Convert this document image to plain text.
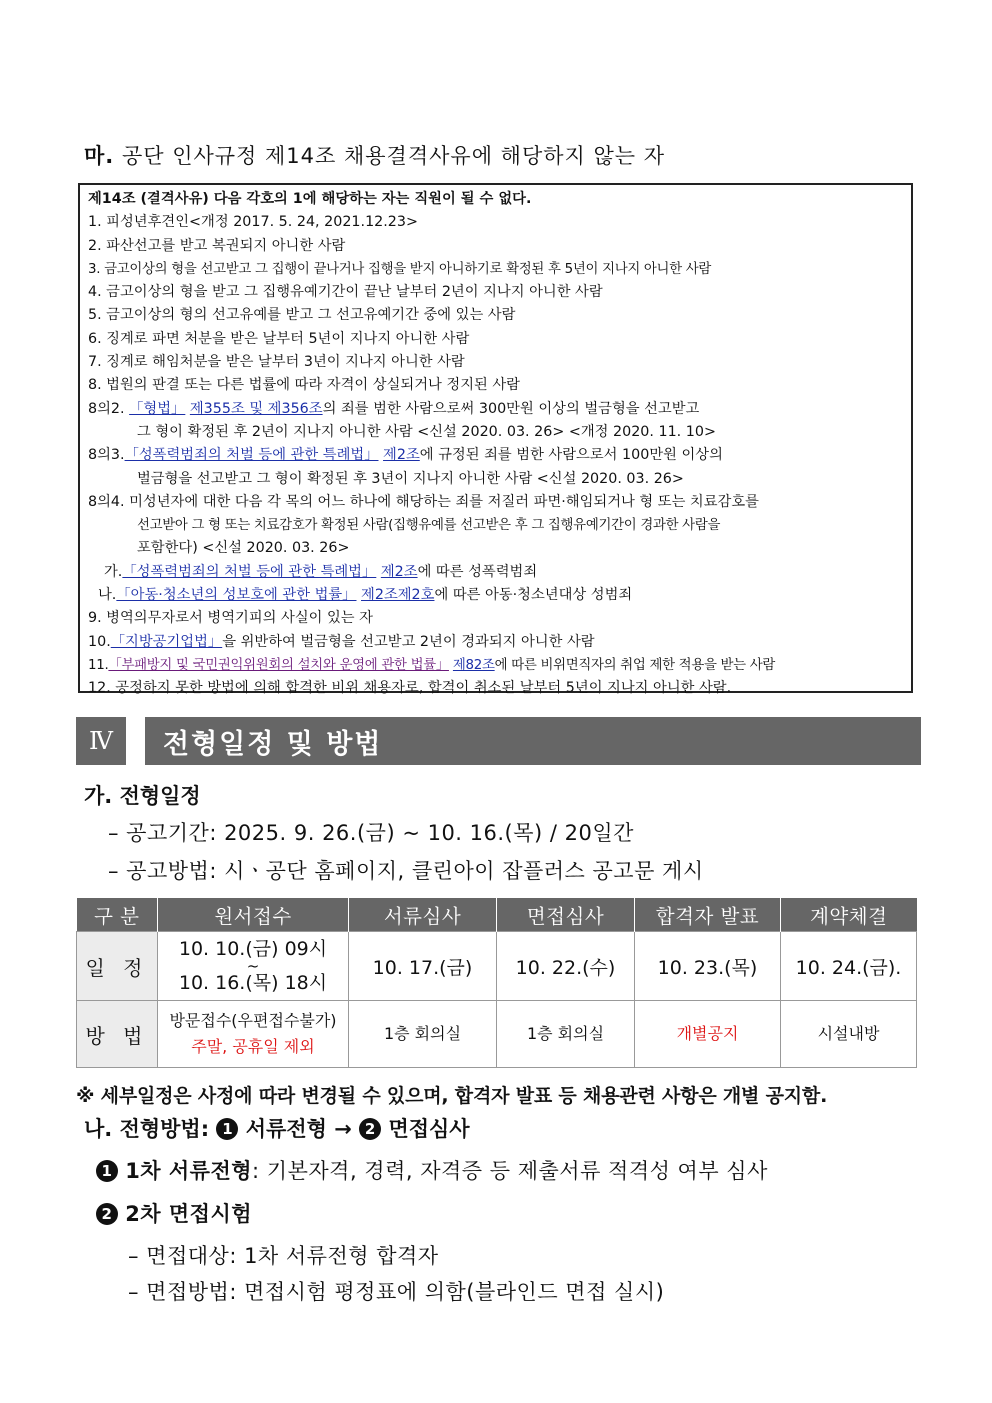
마. 공단 인사규정 제14조 채용결격사유에 해당하지 않는 자
제14조 (결격사유) 다음 각호의 1에 해당하는 자는 직원이 될 수 없다.
1. 피성년후견인<개정 2017. 5. 24, 2021.12.23>
2. 파산선고를 받고 복권되지 아니한 사람
3. 금고이상의 형을 선고받고 그 집행이 끝나거나 집행을 받지 아니하기로 확정된 후 5년이 지나지 아니한 사람
4. 금고이상의 형을 받고 그 집행유예기간이 끝난 날부터 2년이 지나지 아니한 사람
5. 금고이상의 형의 선고유예를 받고 그 선고유예기간 중에 있는 사람
6. 징계로 파면 처분을 받은 날부터 5년이 지나지 아니한 사람
7. 징계로 해임처분을 받은 날부터 3년이 지나지 아니한 사람
8. 법원의 판결 또는 다른 법률에 따라 자격이 상실되거나 정지된 사람
8의2. 「형법」 제355조 및 제356조의 죄를 범한 사람으로써 300만원 이상의 벌금형을 선고받고
그 형이 확정된 후 2년이 지나지 아니한 사람 <신설 2020. 03. 26> <개정 2020. 11. 10>
8의3.「성폭력범죄의 처벌 등에 관한 특례법」 제2조에 규정된 죄를 범한 사람으로서 100만원 이상의
벌금형을 선고받고 그 형이 확정된 후 3년이 지나지 아니한 사람 <신설 2020. 03. 26>
8의4. 미성년자에 대한 다음 각 목의 어느 하나에 해당하는 죄를 저질러 파면·해임되거나 형 또는 치료감호를
선고받아 그 형 또는 치료감호가 확정된 사람(집행유예를 선고받은 후 그 집행유예기간이 경과한 사람을
포함한다) <신설 2020. 03. 26>
가.「성폭력범죄의 처벌 등에 관한 특례법」 제2조에 따른 성폭력범죄
나.「아동·청소년의 성보호에 관한 법률」 제2조제2호에 따른 아동·청소년대상 성범죄
9. 병역의무자로서 병역기피의 사실이 있는 자
10.「지방공기업법」을 위반하여 벌금형을 선고받고 2년이 경과되지 아니한 사람
11.「부패방지 및 국민권익위원회의 설치와 운영에 관한 법률」 제82조에 따른 비위면직자의 취업 제한 적용을 받는 사람
12. 공정하지 못한 방법에 의해 합격한 비위 채용자로, 합격이 취소된 날부터 5년이 지나지 아니한 사람.
Ⅳ	전형일정 및 방법
가. 전형일정
– 공고기간: 2025. 9. 26.(금) ~ 10. 16.(목) / 20일간
– 공고방법: 시ㆍ공단 홈페이지, 클린아이 잡플러스 공고문 게시
구 분	원서접수	서류심사	면접심사	합격자 발표	계약체결
일 정	10. 10.(금) 09시
~
10. 16.(목) 18시	10. 17.(금)	10. 22.(수)	10. 23.(목)	10. 24.(금).
방 법	방문접수(우편접수불가)
주말, 공휴일 제외	1층 회의실	1층 회의실	개별공지	시설내방
※ 세부일정은 사정에 따라 변경될 수 있으며, 합격자 발표 등 채용관련 사항은 개별 공지함.
나. 전형방법: 1 서류전형 → 2 면접심사
1 1차 서류전형: 기본자격, 경력, 자격증 등 제출서류 적격성 여부 심사
2 2차 면접시험
– 면접대상: 1차 서류전형 합격자
– 면접방법: 면접시험 평정표에 의함(블라인드 면접 실시)
